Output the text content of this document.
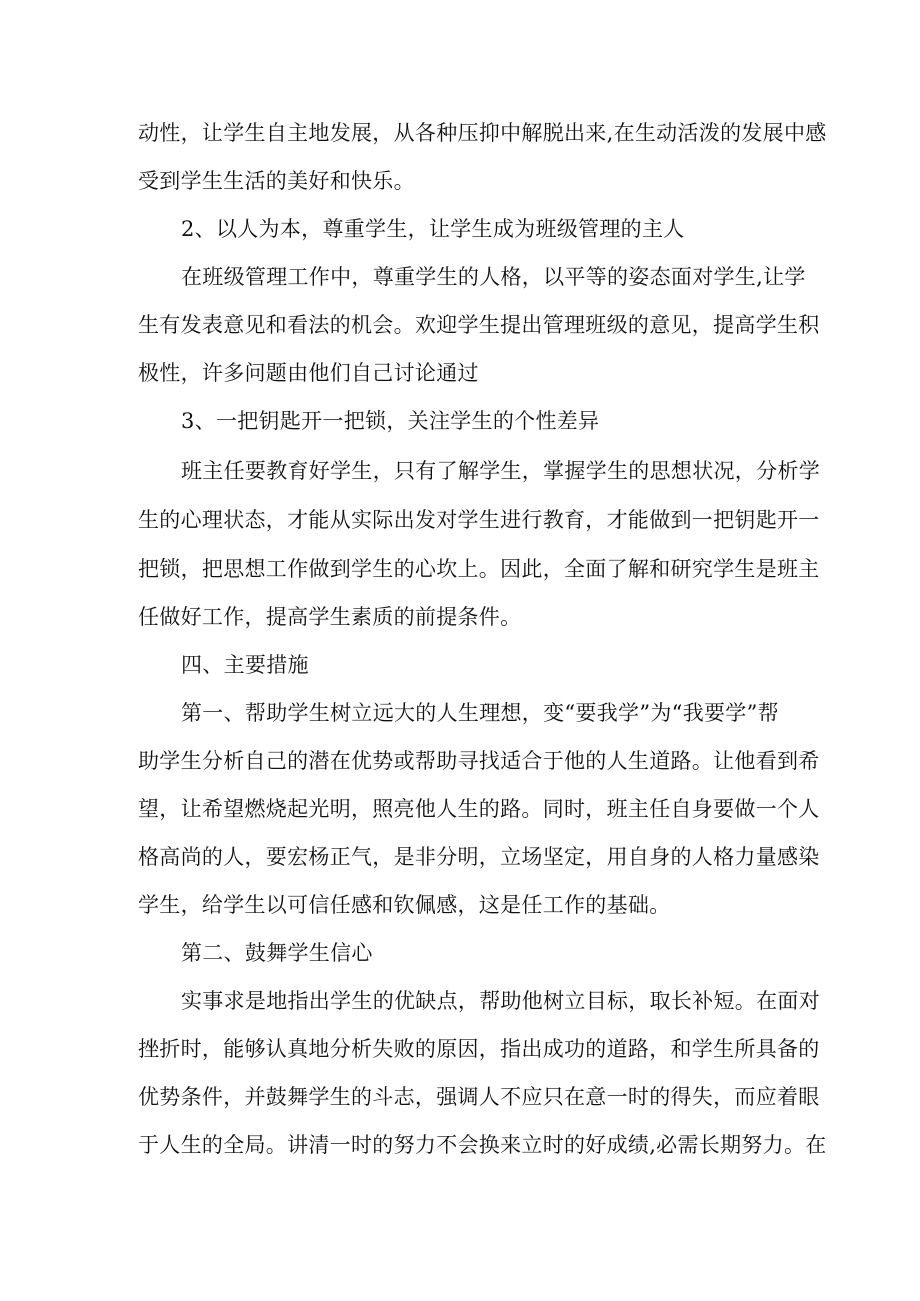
动性，让学生自主地发展，从各种压抑中解脱出来,在生动活泼的发展中感
受到学生生活的美好和快乐。
2、以人为本，尊重学生，让学生成为班级管理的主人
在班级管理工作中，尊重学生的人格，以平等的姿态面对学生,让学
生有发表意见和看法的机会。欢迎学生提出管理班级的意见，提高学生积
极性，许多问题由他们自己讨论通过
3、一把钥匙开一把锁，关注学生的个性差异
班主任要教育好学生，只有了解学生，掌握学生的思想状况，分析学
生的心理状态，才能从实际出发对学生进行教育，才能做到一把钥匙开一
把锁，把思想工作做到学生的心坎上。因此，全面了解和研究学生是班主
任做好工作，提高学生素质的前提条件。
四、主要措施
第一、帮助学生树立远大的人生理想，变“要我学”为“我要学”帮
助学生分析自己的潜在优势或帮助寻找适合于他的人生道路。让他看到希
望，让希望燃烧起光明，照亮他人生的路。同时，班主任自身要做一个人
格高尚的人，要宏杨正气，是非分明，立场坚定，用自身的人格力量感染
学生，给学生以可信任感和钦佩感，这是任工作的基础。
第二、鼓舞学生信心
实事求是地指出学生的优缺点，帮助他树立目标，取长补短。在面对
挫折时，能够认真地分析失败的原因，指出成功的道路，和学生所具备的
优势条件，并鼓舞学生的斗志，强调人不应只在意一时的得失，而应着眼
于人生的全局。讲清一时的努力不会换来立时的好成绩,必需长期努力。在
